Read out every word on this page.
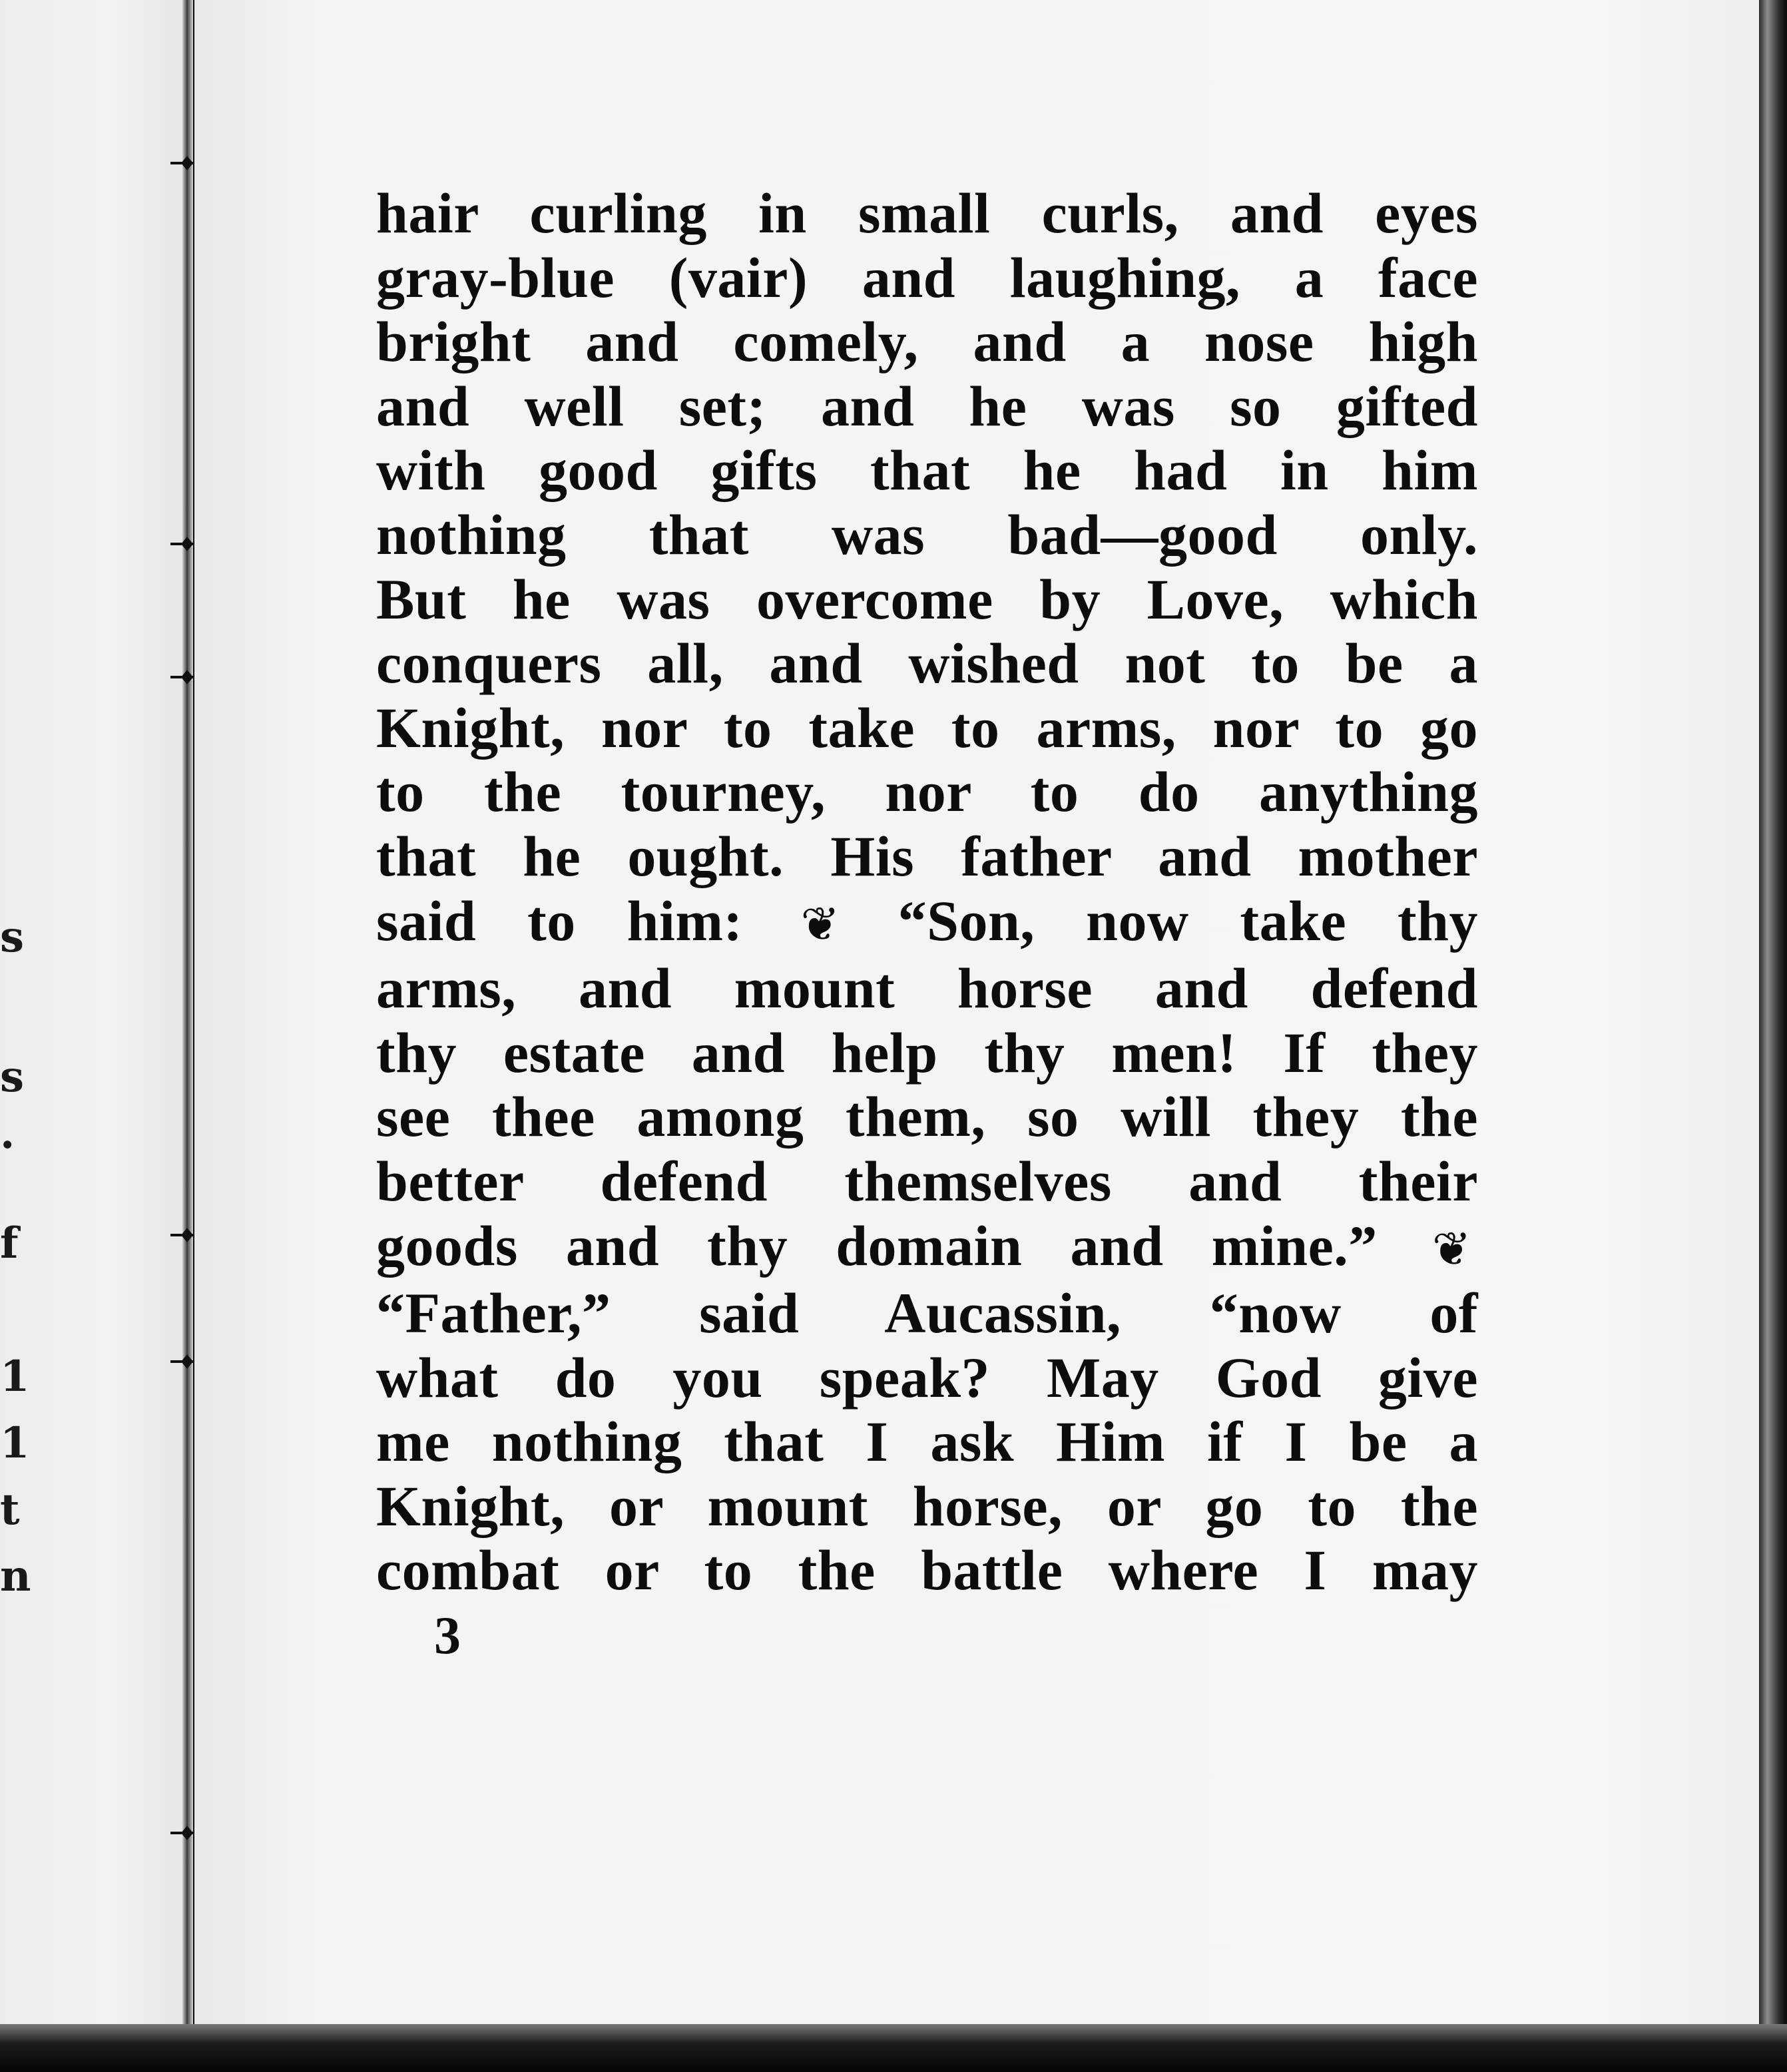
s
s
.
f
1
1
t
n
hair curling in small curls, and eyes
gray-blue (vair) and laughing, a face
bright and comely, and a nose high
and well set; and he was so gifted
with good gifts that he had in him
nothing that was bad—good only.
But he was overcome by Love, which
conquers all, and wished not to be a
Knight, nor to take to arms, nor to go
to the tourney, nor to do anything
that he ought. His father and mother
said to him: ❦ “Son, now take thy
arms, and mount horse and defend
thy estate and help thy men! If they
see thee among them, so will they the
better defend themselves and their
goods and thy domain and mine.” ❦
“Father,” said Aucassin, “now of
what do you speak? May God give
me nothing that I ask Him if I be a
Knight, or mount horse, or go to the
combat or to the battle where I may
3
